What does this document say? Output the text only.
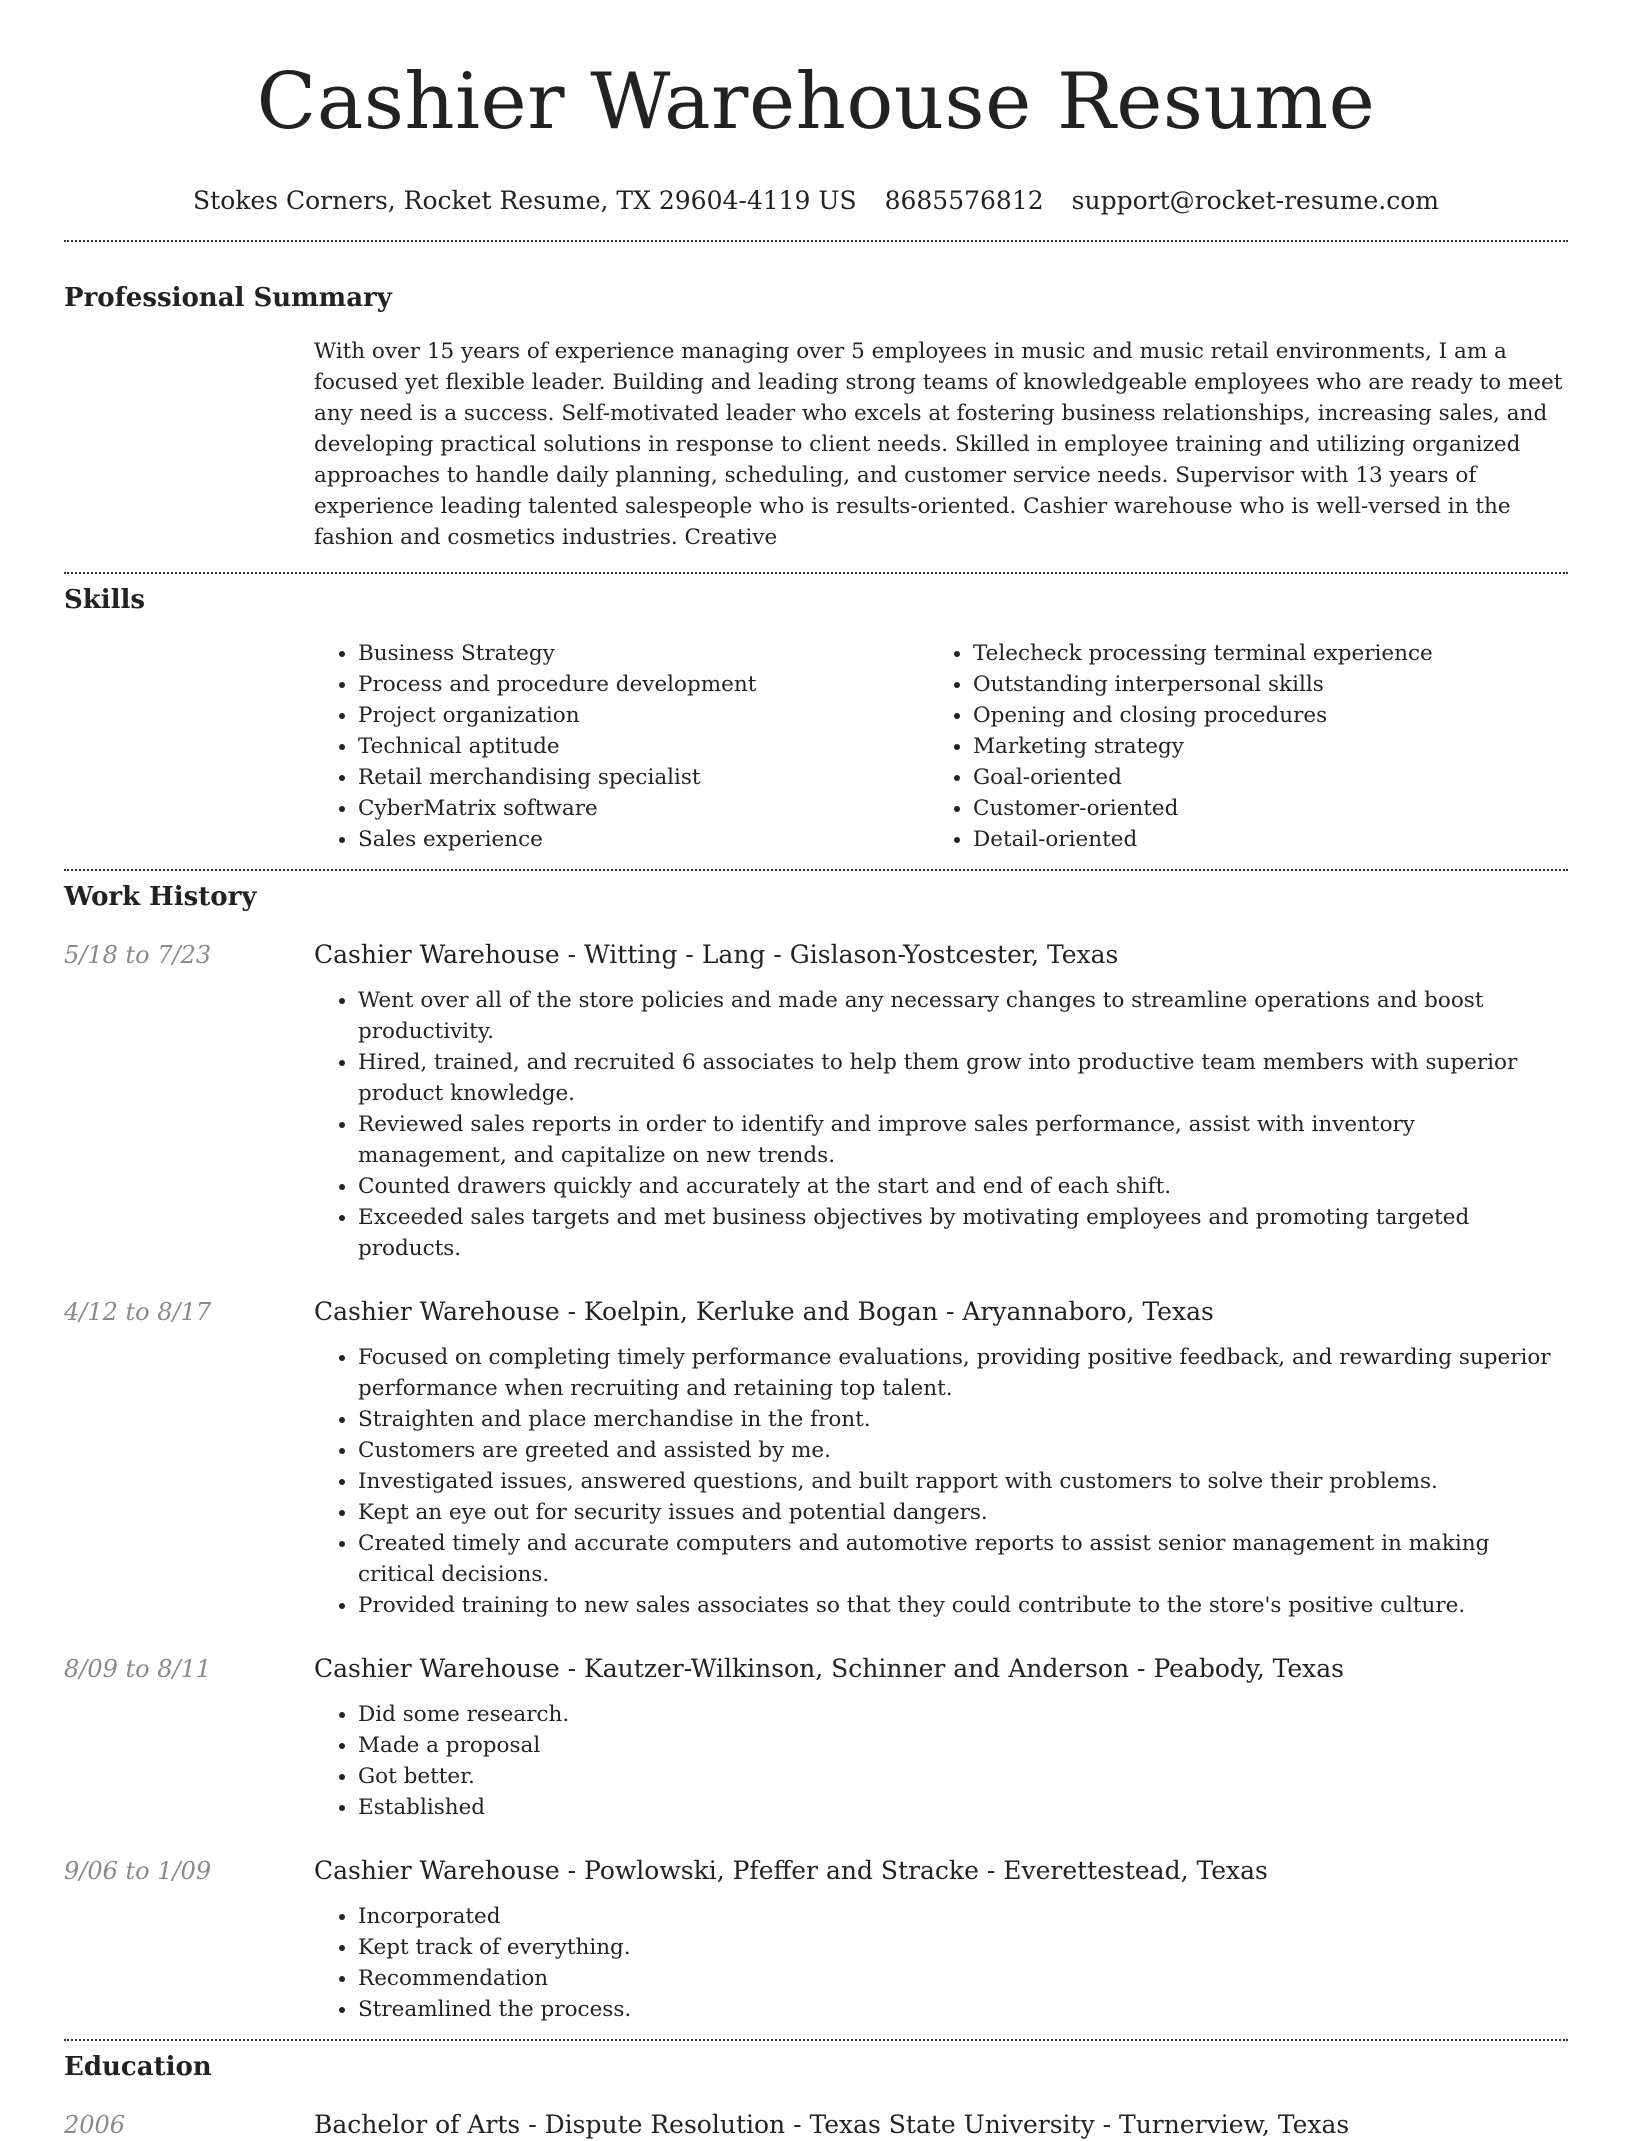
Cashier Warehouse Resume
Stokes Corners, Rocket Resume, TX 29604-4119 US 8685576812 support@rocket-resume.com
Professional Summary

With over 15 years of experience managing over 5 employees in music and music retail environments, I am a focused yet flexible leader. Building and leading strong teams of knowledgeable employees who are ready to meet any need is a success. Self-motivated leader who excels at fostering business relationships, increasing sales, and developing practical solutions in response to client needs. Skilled in employee training and utilizing organized approaches to handle daily planning, scheduling, and customer service needs. Supervisor with 13 years of experience leading talented salespeople who is results-oriented. Cashier warehouse who is well-versed in the fashion and cosmetics industries. Creative

Skills
• Business Strategy
• Process and procedure development
• Project organization
• Technical aptitude
• Retail merchandising specialist
• CyberMatrix software
• Sales experience
• Telecheck processing terminal experience
• Outstanding interpersonal skills
• Opening and closing procedures
• Marketing strategy
• Goal-oriented
• Customer-oriented
• Detail-oriented
Work History
5/18 to 7/23	Cashier Warehouse - Witting - Lang - Gislason-Yostcester, Texas
• Went over all of the store policies and made any necessary changes to streamline operations and boost productivity.
• Hired, trained, and recruited 6 associates to help them grow into productive team members with superior product knowledge.
• Reviewed sales reports in order to identify and improve sales performance, assist with inventory management, and capitalize on new trends.
• Counted drawers quickly and accurately at the start and end of each shift.
• Exceeded sales targets and met business objectives by motivating employees and promoting targeted products.
4/12 to 8/17	Cashier Warehouse - Koelpin, Kerluke and Bogan - Aryannaboro, Texas
• Focused on completing timely performance evaluations, providing positive feedback, and rewarding superior performance when recruiting and retaining top talent.
• Straighten and place merchandise in the front.
• Customers are greeted and assisted by me.
• Investigated issues, answered questions, and built rapport with customers to solve their problems.
• Kept an eye out for security issues and potential dangers.
• Created timely and accurate computers and automotive reports to assist senior management in making critical decisions.
• Provided training to new sales associates so that they could contribute to the store's positive culture.
8/09 to 8/11	Cashier Warehouse - Kautzer-Wilkinson, Schinner and Anderson - Peabody, Texas
• Did some research.
• Made a proposal
• Got better.
• Established
9/06 to 1/09	Cashier Warehouse - Powlowski, Pfeffer and Stracke - Everettestead, Texas
• Incorporated
• Kept track of everything.
• Recommendation
• Streamlined the process.
Education
2006	Bachelor of Arts - Dispute Resolution - Texas State University - Turnerview, Texas
